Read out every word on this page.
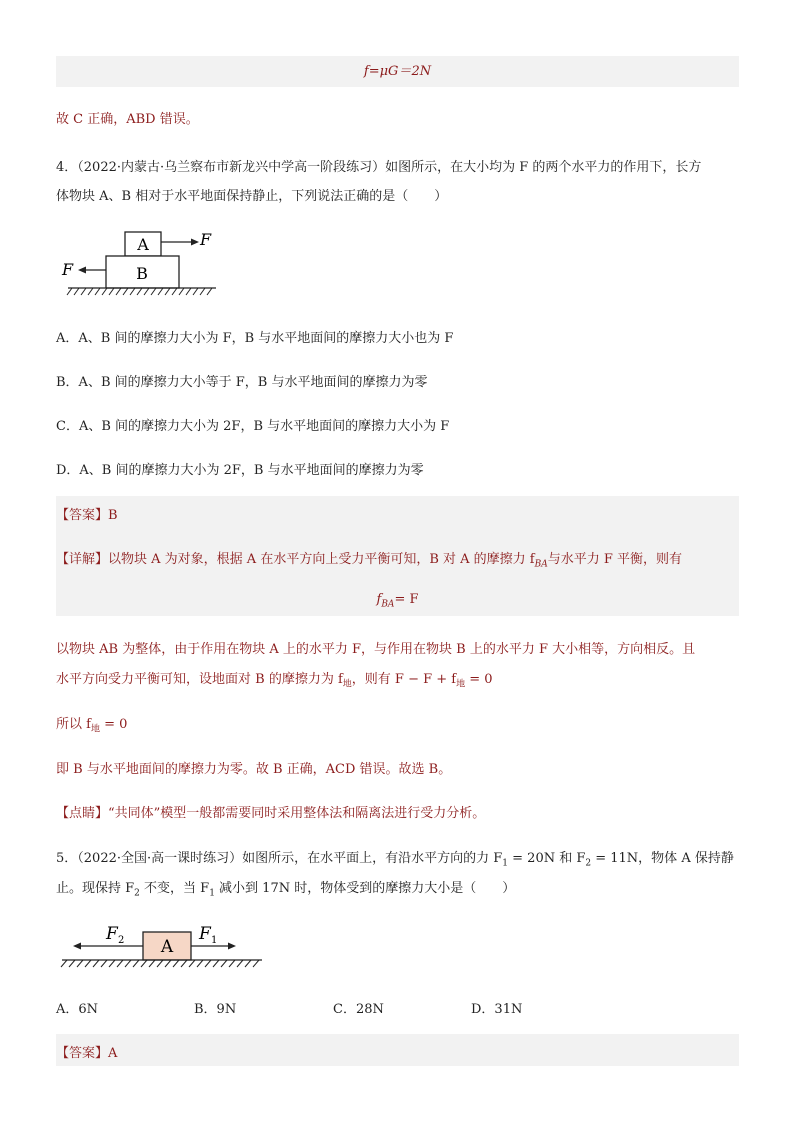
f=μG＝2N
故 C 正确，ABD 错误。
4．（2022·内蒙古·乌兰察布市新龙兴中学高一阶段练习）如图所示，在大小均为 F 的两个水平力的作用下，长方
体物块 A、B 相对于水平地面保持静止，下列说法正确的是（　　）
A
B
F
F
A．A、B 间的摩擦力大小为 F，B 与水平地面间的摩擦力大小也为 F
B．A、B 间的摩擦力大小等于 F，B 与水平地面间的摩擦力为零
C．A、B 间的摩擦力大小为 2F，B 与水平地面间的摩擦力大小为 F
D．A、B 间的摩擦力大小为 2F，B 与水平地面间的摩擦力为零
【答案】B
【详解】以物块 A 为对象，根据 A 在水平方向上受力平衡可知，B 对 A 的摩擦力 $f_{BA}$与水平力 F 平衡，则有
$f_{BA}= F$
以物块 AB 为整体，由于作用在物块 A 上的水平力 F，与作用在物块 B 上的水平力 F 大小相等，方向相反。且
水平方向受力平衡可知，设地面对 B 的摩擦力为 $f_地$，则有 $F - F + f_地 = 0$
所以 $f_地 = 0$
即 B 与水平地面间的摩擦力为零。故 B 正确，ACD 错误。故选 B。
【点睛】“共同体”模型一般都需要同时采用整体法和隔离法进行受力分析。
5．（2022·全国·高一课时练习）如图所示，在水平面上，有沿水平方向的力 $F_1 = 20N$ 和 $F_2 = 11N$，物体 A 保持静
止。现保持 $F_2$ 不变，当 $F_1$ 减小到 17N 时，物体受到的摩擦力大小是（　　）
A
F 2	F 1
A．6N	B．9N	C．28N	D．31N
【答案】A
